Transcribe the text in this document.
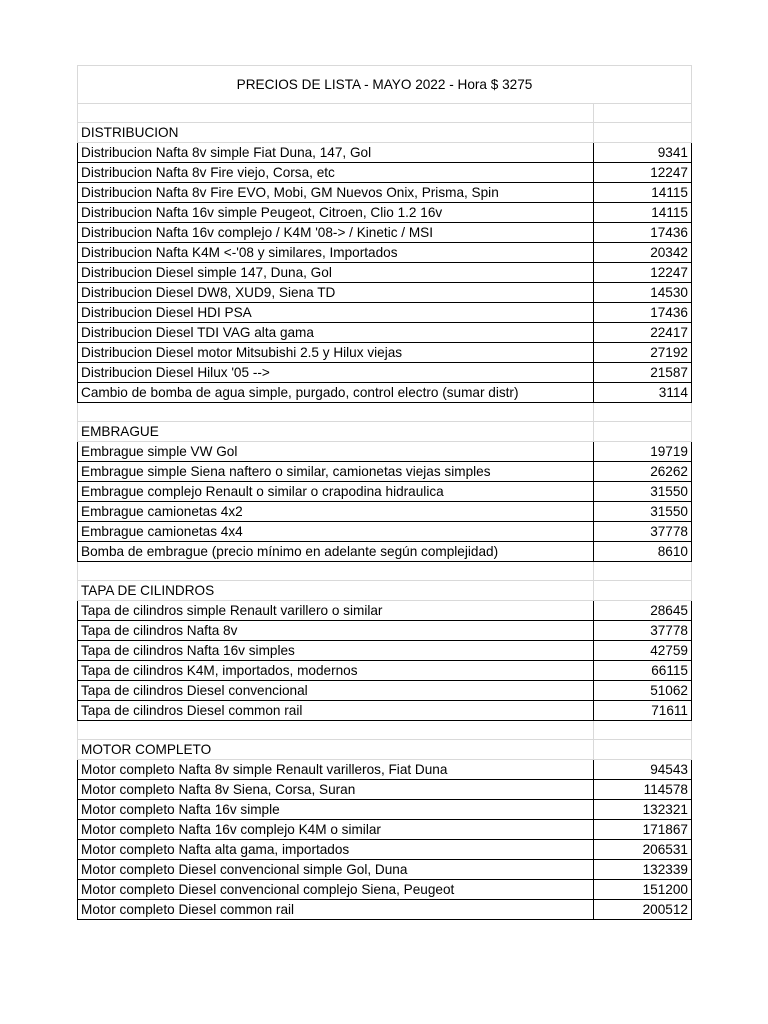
PRECIOS DE LISTA - MAYO 2022 - Hora $ 3275	

DISTRIBUCION	
Distribucion Nafta 8v simple Fiat Duna, 147, Gol	9341
Distribucion Nafta 8v Fire viejo, Corsa, etc	12247
Distribucion Nafta 8v Fire EVO, Mobi, GM Nuevos Onix, Prisma, Spin	14115
Distribucion Nafta 16v simple Peugeot, Citroen, Clio 1.2 16v	14115
Distribucion Nafta 16v complejo / K4M '08-> / Kinetic / MSI	17436
Distribucion Nafta K4M <-'08 y similares, Importados	20342
Distribucion Diesel simple 147, Duna, Gol	12247
Distribucion Diesel DW8, XUD9, Siena TD	14530
Distribucion Diesel HDI PSA	17436
Distribucion Diesel TDI VAG alta gama	22417
Distribucion Diesel motor Mitsubishi 2.5 y Hilux viejas	27192
Distribucion Diesel Hilux '05 -->	21587
Cambio de bomba de agua simple, purgado, control electro (sumar distr)	3114

EMBRAGUE	
Embrague simple VW Gol	19719
Embrague simple Siena naftero o similar, camionetas viejas simples	26262
Embrague complejo Renault o similar o crapodina hidraulica	31550
Embrague camionetas 4x2	31550
Embrague camionetas 4x4	37778
Bomba de embrague (precio mínimo en adelante según complejidad)	8610

TAPA DE CILINDROS	
Tapa de cilindros simple Renault varillero o similar	28645
Tapa de cilindros Nafta 8v	37778
Tapa de cilindros Nafta 16v simples	42759
Tapa de cilindros K4M, importados, modernos	66115
Tapa de cilindros Diesel convencional	51062
Tapa de cilindros Diesel common rail	71611

MOTOR COMPLETO	
Motor completo Nafta 8v simple Renault varilleros, Fiat Duna	94543
Motor completo Nafta 8v Siena, Corsa, Suran	114578
Motor completo Nafta 16v simple	132321
Motor completo Nafta 16v complejo K4M o similar	171867
Motor completo Nafta alta gama, importados	206531
Motor completo Diesel convencional simple Gol, Duna	132339
Motor completo Diesel convencional complejo Siena, Peugeot	151200
Motor completo Diesel common rail	200512
